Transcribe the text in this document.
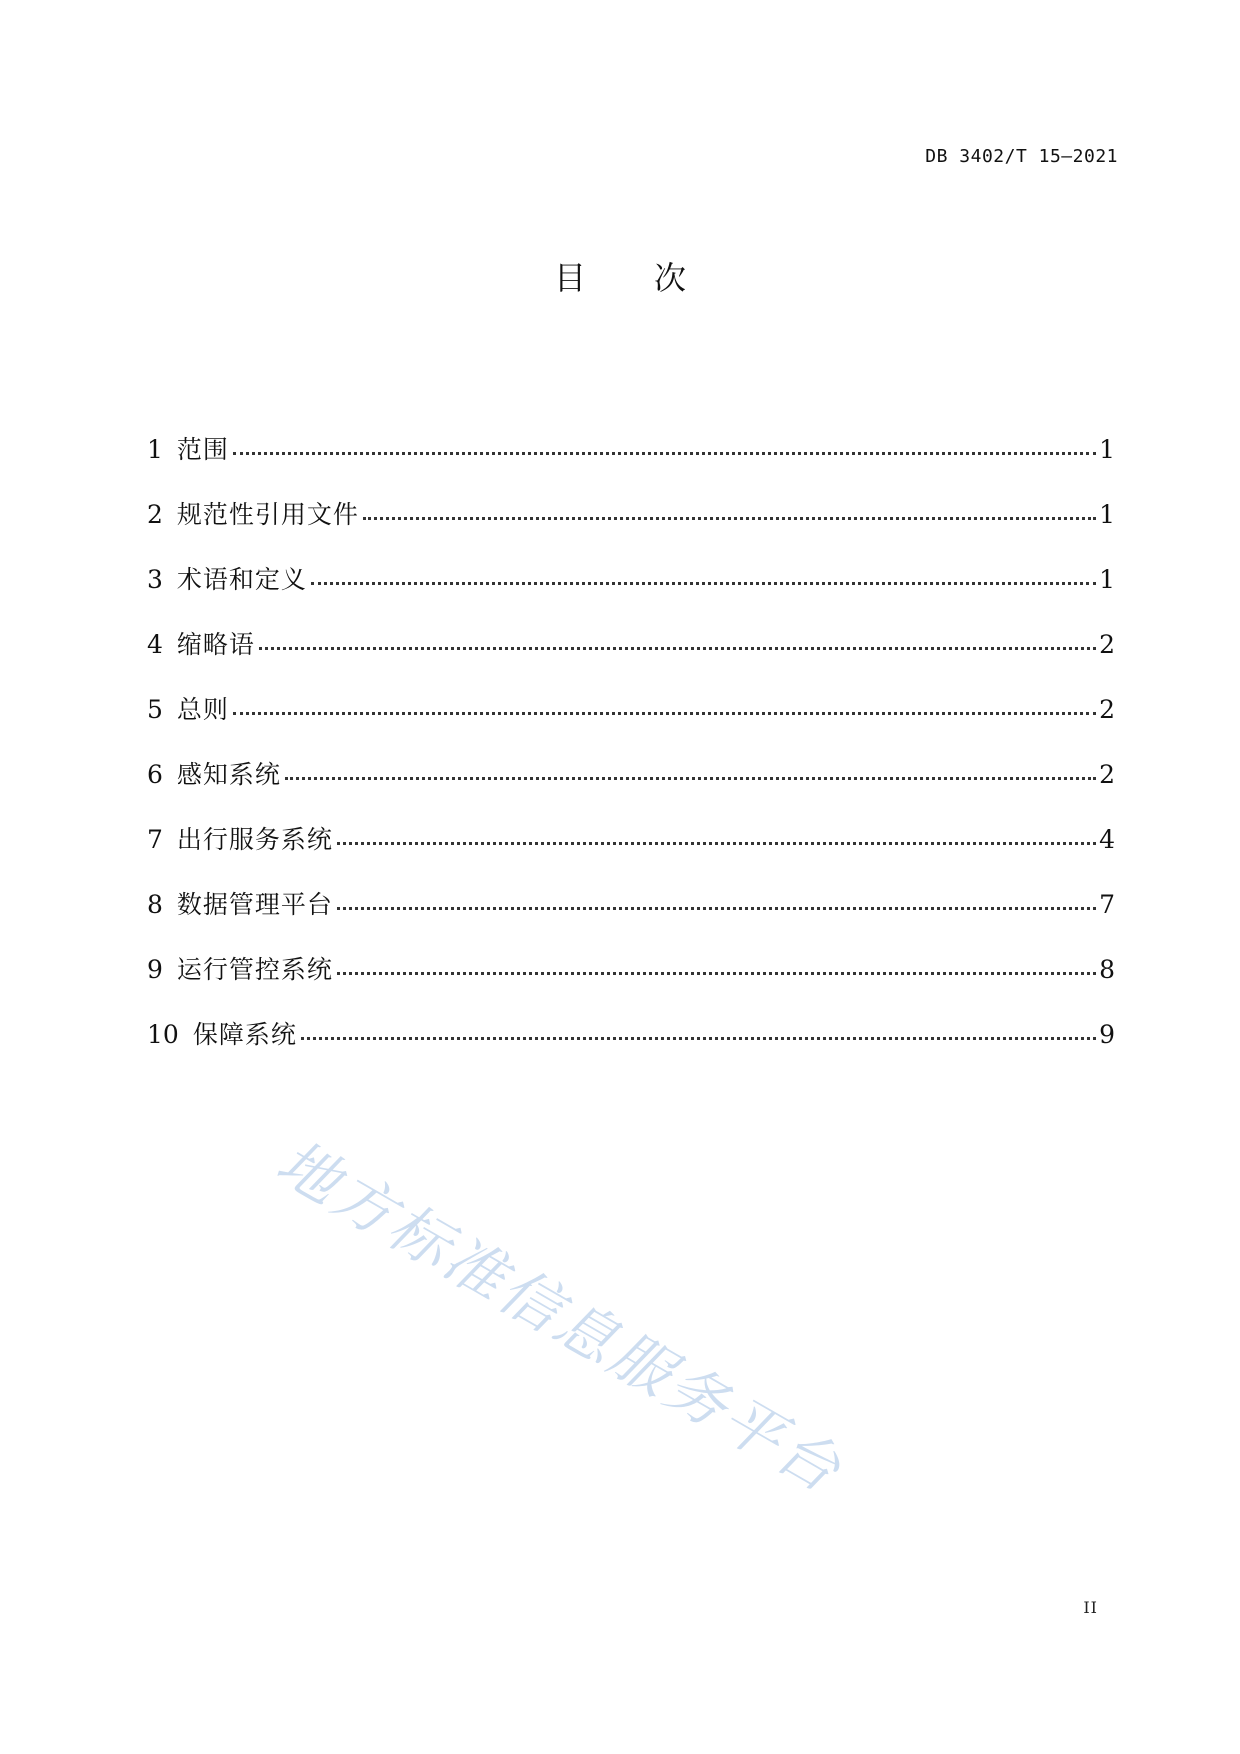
DB 3402/T 15—2021
目 次
1 范围	1
2 规范性引用文件	1
3 术语和定义	1
4 缩略语	2
5 总则	2
6 感知系统	2
7 出行服务系统	4
8 数据管理平台	7
9 运行管控系统	8
10 保障系统	9
地方标准信息服务平台
II
